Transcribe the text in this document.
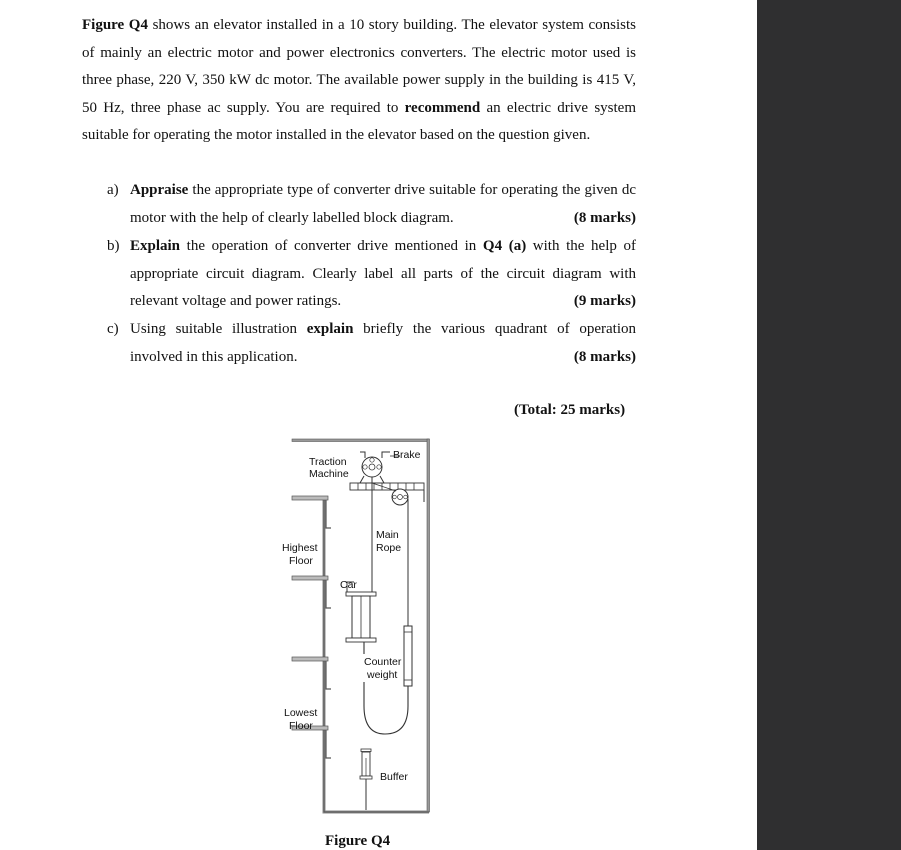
Figure Q4 shows an elevator installed in a 10 story building. The elevator system consists of mainly an electric motor and power electronics converters. The electric motor used is three phase, 220 V, 350 kW dc motor. The available power supply in the building is 415 V, 50 Hz, three phase ac supply. You are required to recommend an electric drive system suitable for operating the motor installed in the elevator based on the question given.
a) Appraise the appropriate type of converter drive suitable for operating the given dc motor with the help of clearly labelled block diagram.	(8 marks)
b) Explain the operation of converter drive mentioned in Q4 (a) with the help of appropriate circuit diagram. Clearly label all parts of the circuit diagram with relevant voltage and power ratings.	(9 marks)
c) Using suitable illustration explain briefly the various quadrant of operation involved in this application.	(8 marks)
(Total: 25 marks)
Traction
Machine
Brake
Main
Rope
Highest
Floor
Car
Counter
weight
Lowest
Floor
Buffer
Figure Q4
